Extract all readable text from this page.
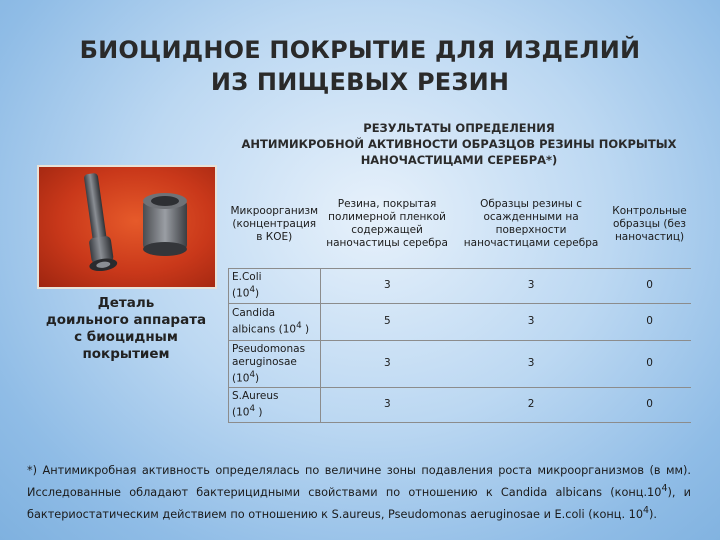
БИОЦИДНОЕ ПОКРЫТИЕ ДЛЯ ИЗДЕЛИЙ
ИЗ ПИЩЕВЫХ РЕЗИН
РЕЗУЛЬТАТЫ ОПРЕДЕЛЕНИЯ
АНТИМИКРОБНОЙ АКТИВНОСТИ ОБРАЗЦОВ РЕЗИНЫ ПОКРЫТЫХ
НАНОЧАСТИЦАМИ СЕРЕБРА*)

Деталь
доильного аппарата
с биоцидным
покрытием

Микроорганизм (концентрация в КОЕ)	Резина, покрытая полимерной пленкой содержащей наночастицы серебра	Образцы резины с осажденными на поверхности наночастицами серебра	Контрольные образцы (без наночастиц)
E.Coli
$(10^4)$	3	3	0
Candida albicans ($10^4$ )	5	3	0
Pseudomonas aeruginosae
$(10^4)$	3	3	0
S.Aureus
($10^4$ )	3	2	0

*) Антимикробная активность определялась по величине зоны подавления роста микроорганизмов (в мм). Исследованные обладают бактерицидными свойствами по отношению к Candida albicans $(конц.10^4)$, и бактериостатическим действием по отношению к S.aureus, Pseudomonas aeruginosae и E.coli (конц. $10^4$).
